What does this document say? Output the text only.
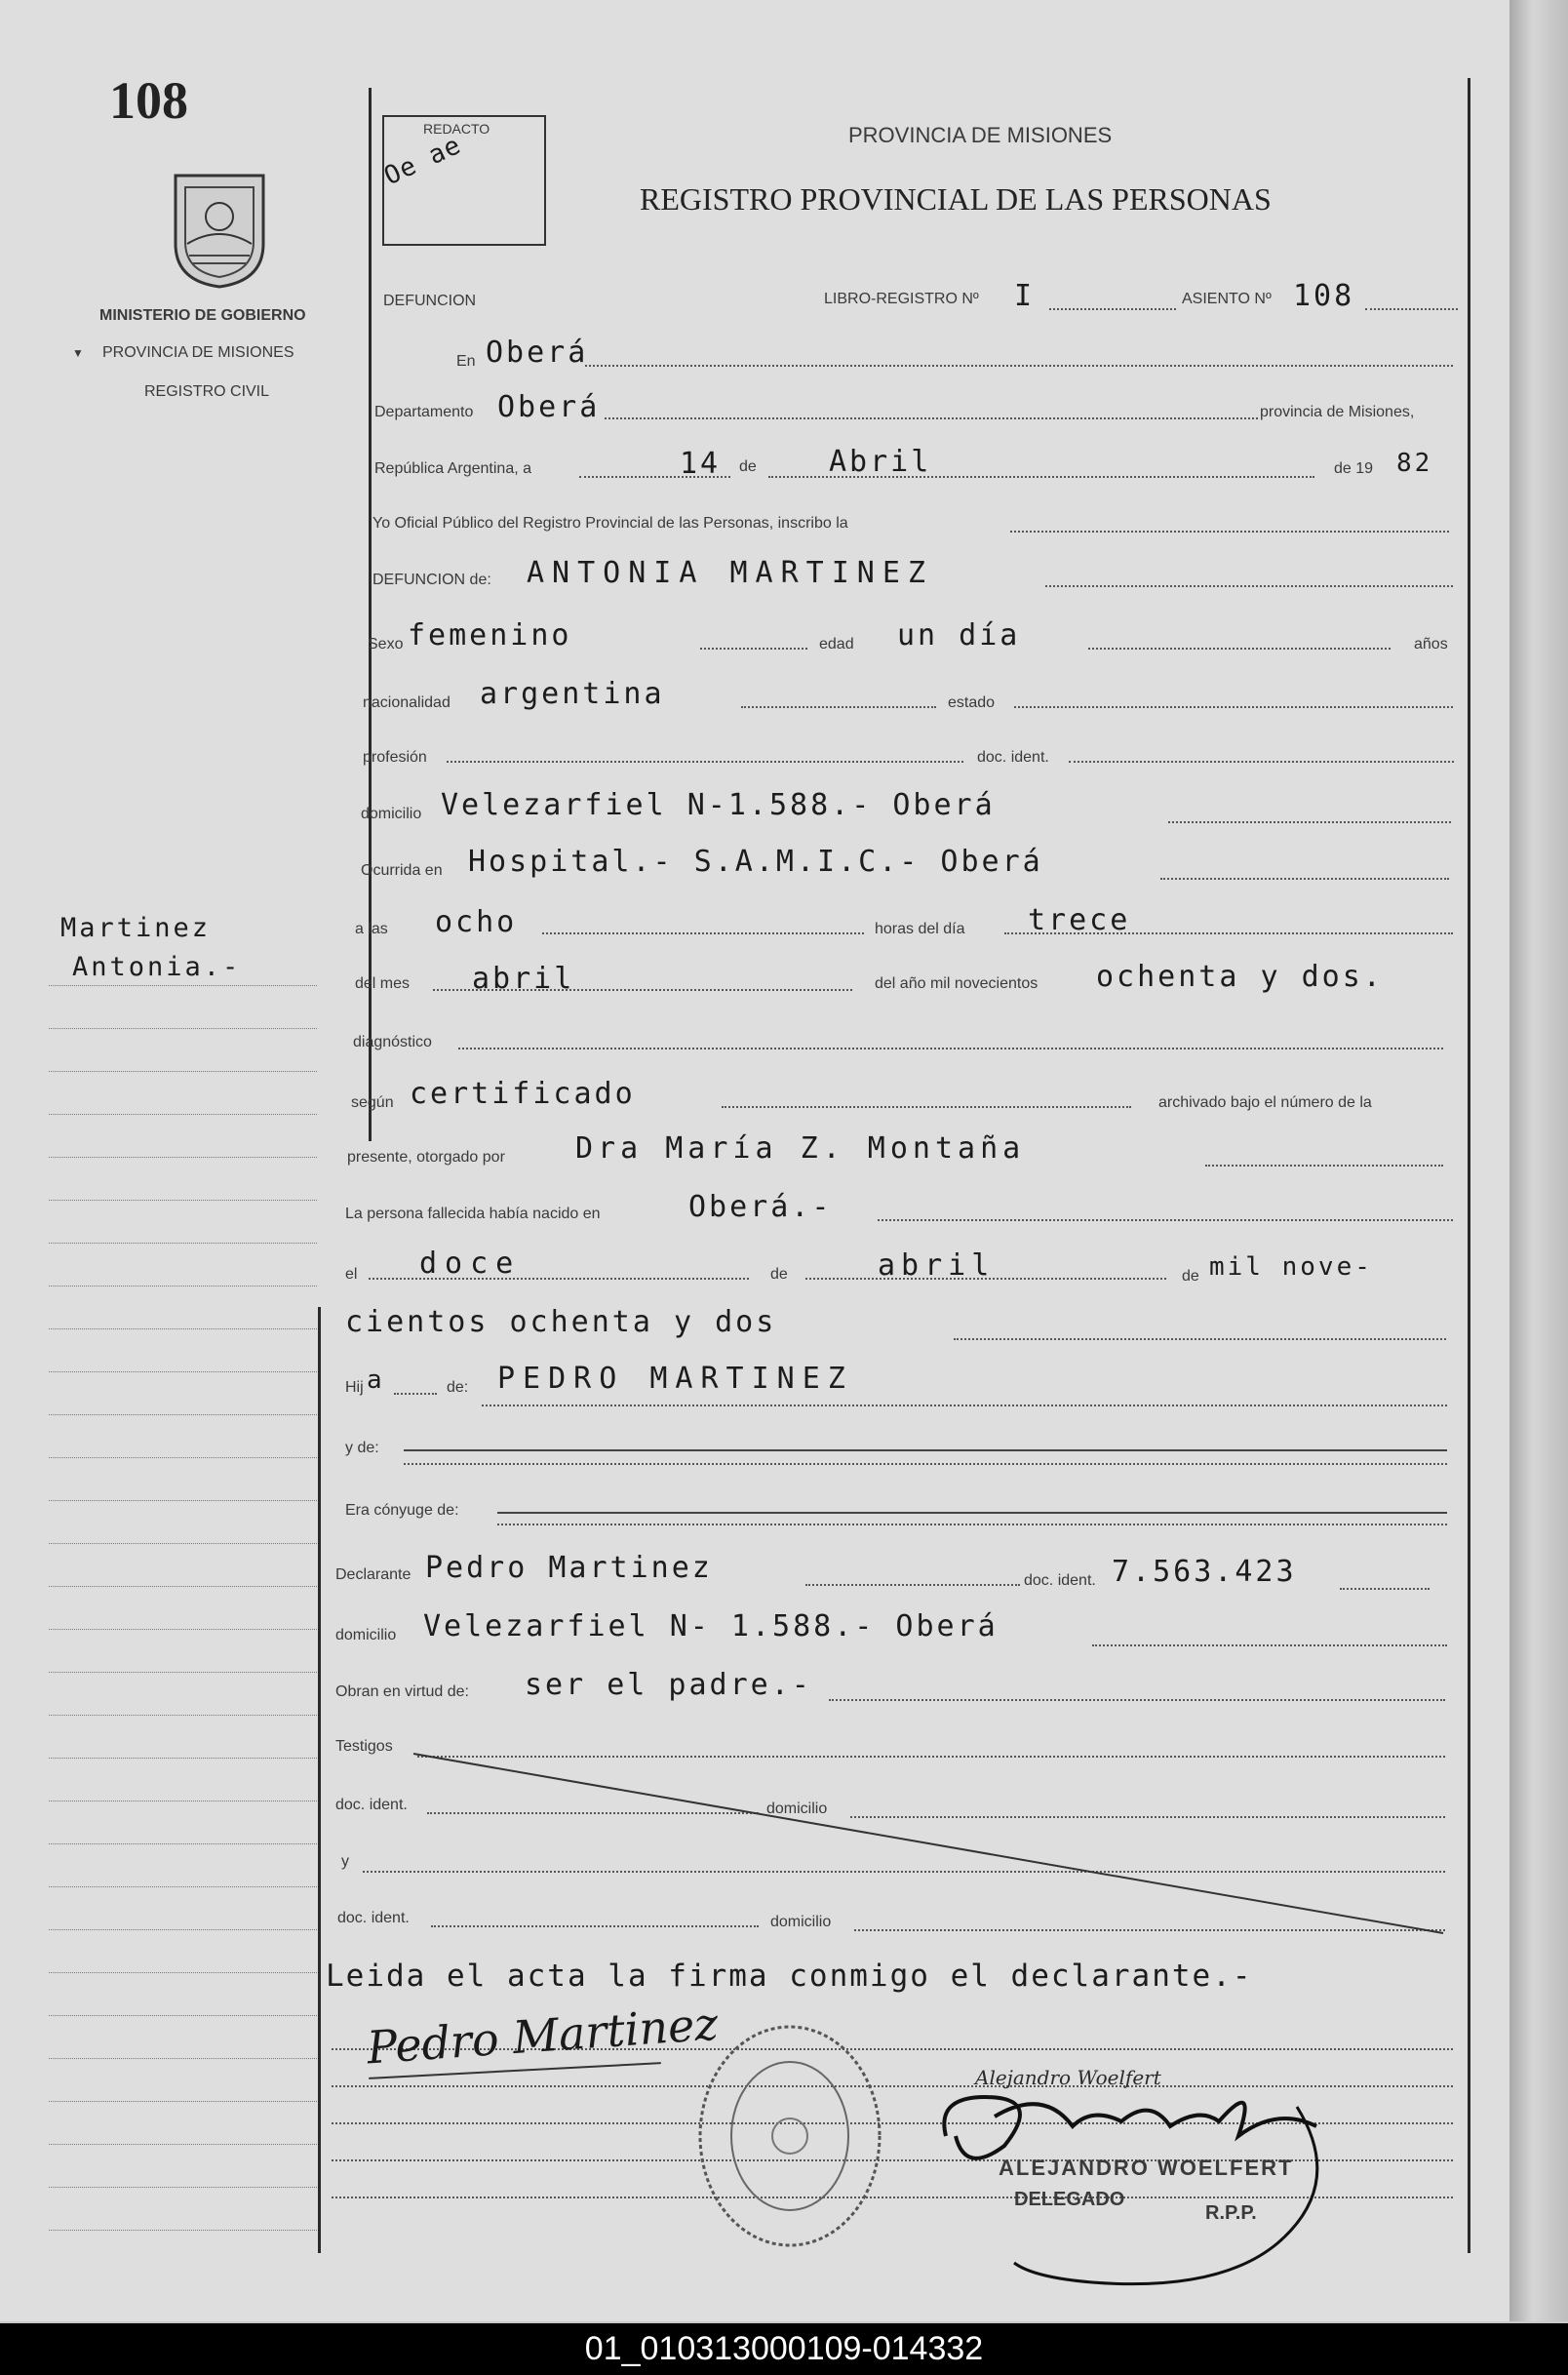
108
MINISTERIO DE GOBIERNO
▼ PROVINCIA DE MISIONES
REGISTRO CIVIL
Martinez
Antonia.-
REDACTO
Oe ae	PROVINCIA DE MISIONES
REGISTRO PROVINCIAL DE LAS PERSONAS
DEFUNCION	LIBRO-REGISTRO Nº I	ASIENTO Nº 108
En Oberá
Departamento Oberá	provincia de Misiones,
República Argentina, a	14 de Abril	de 19 82
Yo Oficial Público del Registro Provincial de las Personas, inscribo la
DEFUNCION de: ANTONIA MARTINEZ
Sexo femenino	edad un día	años
nacionalidad argentina	estado
profesión	doc. ident.
domicilio Velezarfiel N-1.588.- Oberá
Ocurrida en Hospital.- S.A.M.I.C.- Oberá
a las ocho	horas del día trece
del mes abril	del año mil novecientos ochenta y dos.
diagnóstico
según certificado	archivado bajo el número de la
presente, otorgado por Dra María Z. Montaña
La persona fallecida había nacido en	Oberá.-
el doce	de	abril	de mil nove-
cientos ochenta y dos
Hij a	de: PEDRO MARTINEZ
y de:
Era cónyuge de:
Declarante Pedro Martinez	doc. ident. 7.563.423
domicilio Velezarfiel N- 1.588.- Oberá
Obran en virtud de: ser el padre.-
Testigos
doc. ident.	domicilio
y
doc. ident.	domicilio
Leida el acta la firma conmigo el declarante.-
Pedro Martinez
Alejandro Woelfert
ALEJANDRO WOELFERT
DELEGADO
R.P.P.
01_010313000109-014332
